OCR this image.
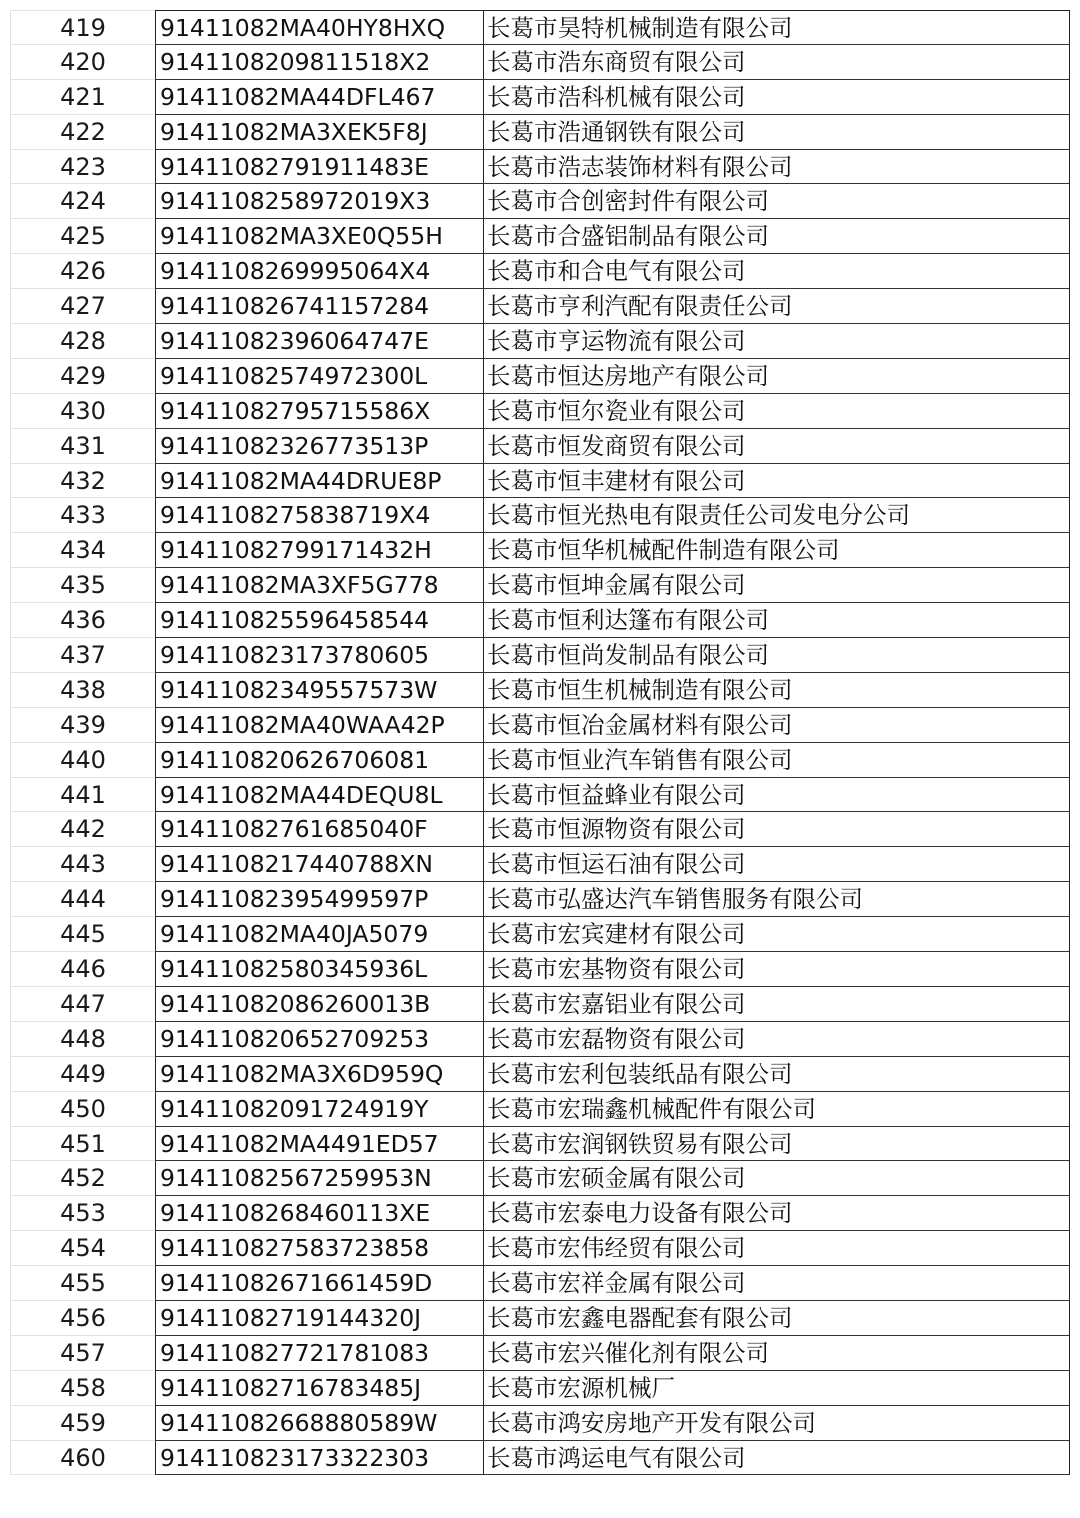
419	91411082MA40HY8HXQ	长葛市昊特机械制造有限公司
420	9141108209811518X2	长葛市浩东商贸有限公司
421	91411082MA44DFL467	长葛市浩科机械有限公司
422	91411082MA3XEK5F8J	长葛市浩通钢铁有限公司
423	91411082791911483E	长葛市浩志装饰材料有限公司
424	9141108258972019X3	长葛市合创密封件有限公司
425	91411082MA3XE0Q55H	长葛市合盛铝制品有限公司
426	9141108269995064X4	长葛市和合电气有限公司
427	914110826741157284	长葛市亨利汽配有限责任公司
428	91411082396064747E	长葛市亨运物流有限公司
429	91411082574972300L	长葛市恒达房地产有限公司
430	91411082795715586X	长葛市恒尔瓷业有限公司
431	91411082326773513P	长葛市恒发商贸有限公司
432	91411082MA44DRUE8P	长葛市恒丰建材有限公司
433	9141108275838719X4	长葛市恒光热电有限责任公司发电分公司
434	91411082799171432H	长葛市恒华机械配件制造有限公司
435	91411082MA3XF5G778	长葛市恒坤金属有限公司
436	914110825596458544	长葛市恒利达篷布有限公司
437	914110823173780605	长葛市恒尚发制品有限公司
438	91411082349557573W	长葛市恒生机械制造有限公司
439	91411082MA40WAA42P	长葛市恒冶金属材料有限公司
440	914110820626706081	长葛市恒业汽车销售有限公司
441	91411082MA44DEQU8L	长葛市恒益蜂业有限公司
442	91411082761685040F	长葛市恒源物资有限公司
443	9141108217440788XN	长葛市恒运石油有限公司
444	91411082395499597P	长葛市弘盛达汽车销售服务有限公司
445	91411082MA40JA5079	长葛市宏宾建材有限公司
446	91411082580345936L	长葛市宏基物资有限公司
447	91411082086260013B	长葛市宏嘉铝业有限公司
448	914110820652709253	长葛市宏磊物资有限公司
449	91411082MA3X6D959Q	长葛市宏利包装纸品有限公司
450	91411082091724919Y	长葛市宏瑞鑫机械配件有限公司
451	91411082MA4491ED57	长葛市宏润钢铁贸易有限公司
452	91411082567259953N	长葛市宏硕金属有限公司
453	9141108268460113XE	长葛市宏泰电力设备有限公司
454	914110827583723858	长葛市宏伟经贸有限公司
455	91411082671661459D	长葛市宏祥金属有限公司
456	91411082719144320J	长葛市宏鑫电器配套有限公司
457	914110827721781083	长葛市宏兴催化剂有限公司
458	91411082716783485J	长葛市宏源机械厂
459	91411082668880589W	长葛市鸿安房地产开发有限公司
460	914110823173322303	长葛市鸿运电气有限公司
